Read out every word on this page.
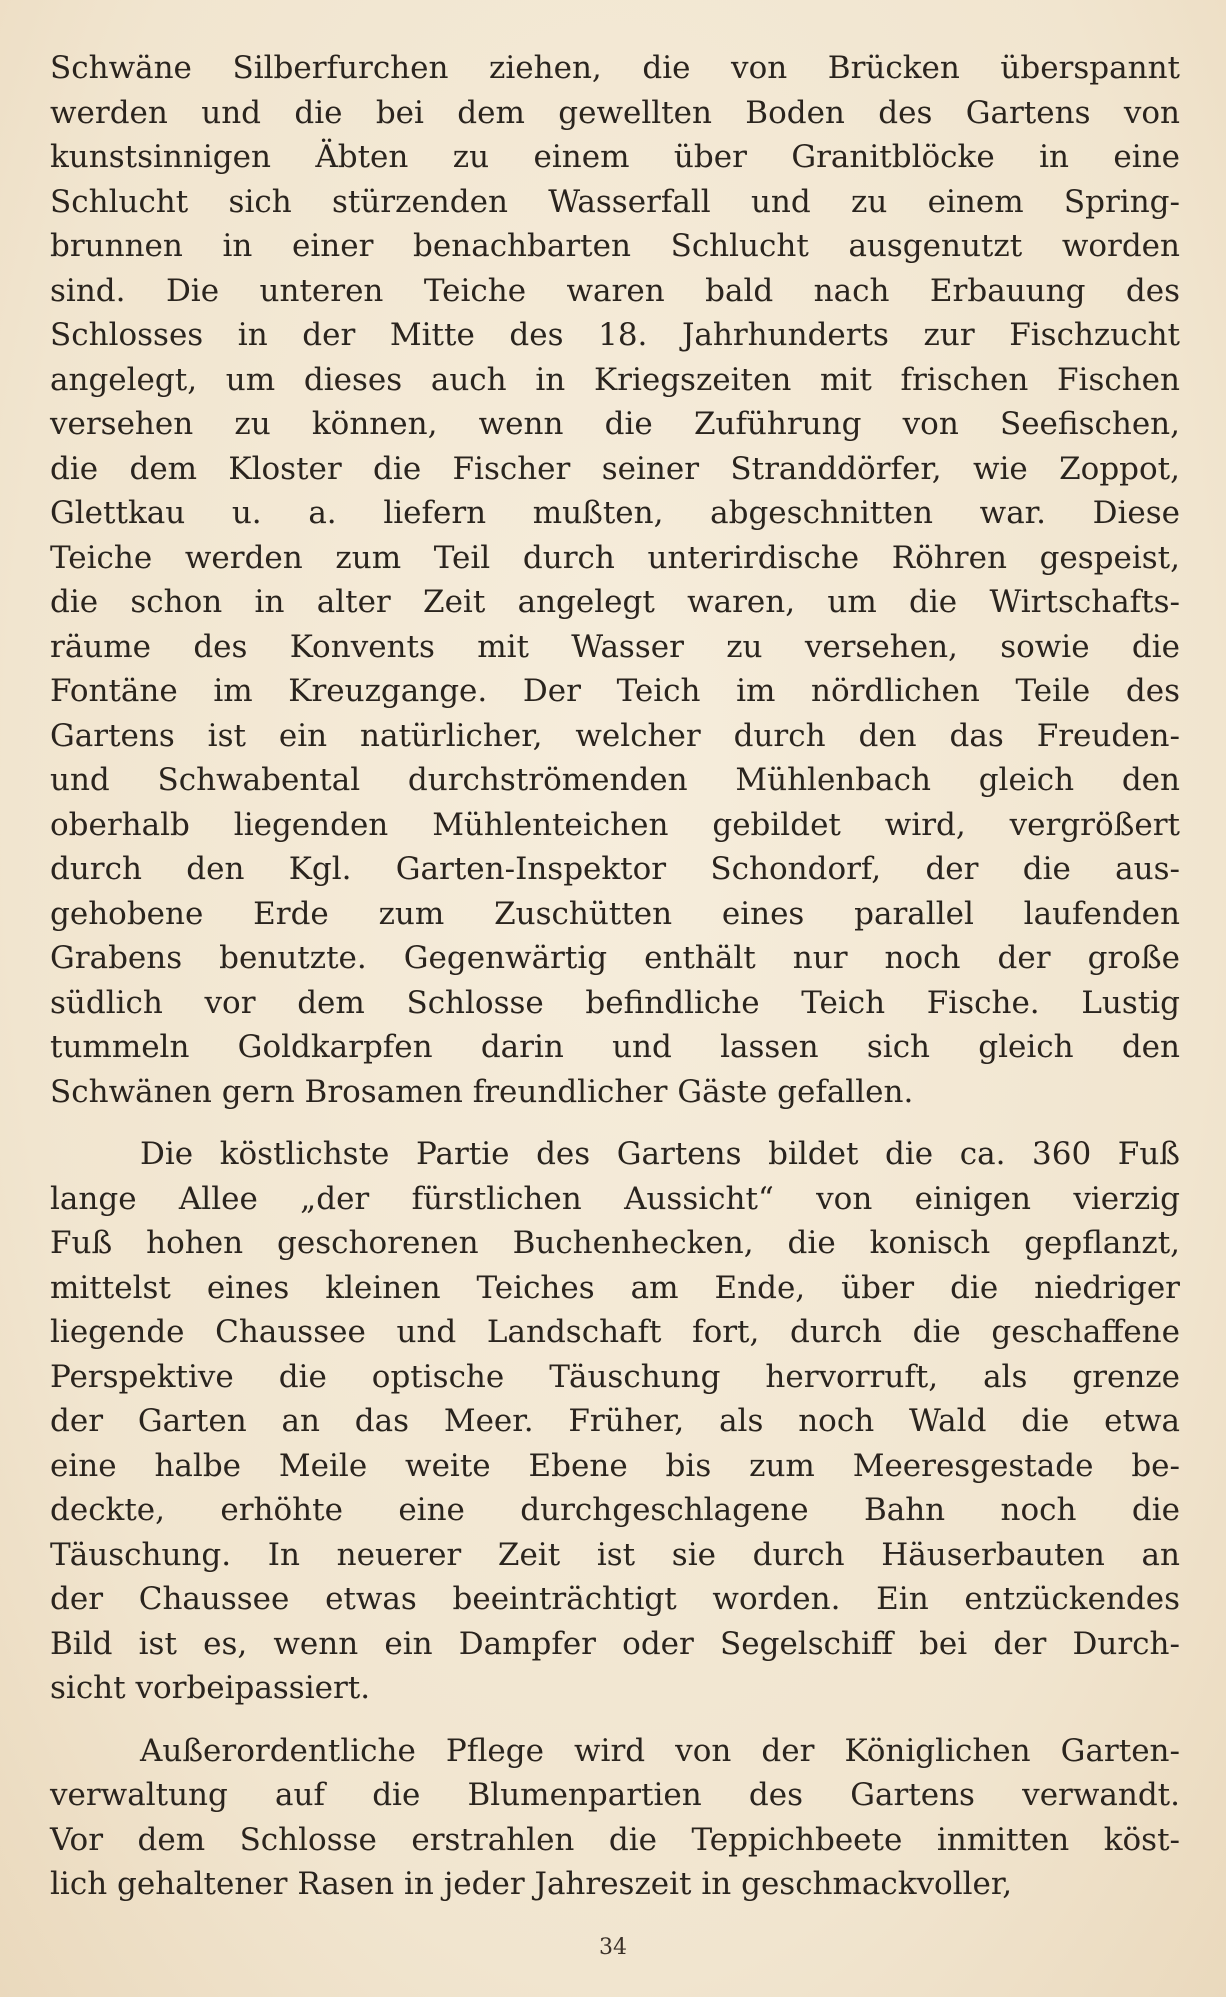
Schwäne Silberfurchen ziehen, die von Brücken überspannt
werden und die bei dem gewellten Boden des Gartens von
kunstsinnigen Äbten zu einem über Granitblöcke in eine
Schlucht sich stürzenden Wasserfall und zu einem Spring-
brunnen in einer benachbarten Schlucht ausgenutzt worden
sind. Die unteren Teiche waren bald nach Erbauung des
Schlosses in der Mitte des 18. Jahrhunderts zur Fischzucht
angelegt, um dieses auch in Kriegszeiten mit frischen Fischen
versehen zu können, wenn die Zuführung von Seefischen,
die dem Kloster die Fischer seiner Stranddörfer, wie Zoppot,
Glettkau u. a. liefern mußten, abgeschnitten war. Diese
Teiche werden zum Teil durch unterirdische Röhren gespeist,
die schon in alter Zeit angelegt waren, um die Wirtschafts-
räume des Konvents mit Wasser zu versehen, sowie die
Fontäne im Kreuzgange. Der Teich im nördlichen Teile des
Gartens ist ein natürlicher, welcher durch den das Freuden-
und Schwabental durchströmenden Mühlenbach gleich den
oberhalb liegenden Mühlenteichen gebildet wird, vergrößert
durch den Kgl. Garten-Inspektor Schondorf, der die aus-
gehobene Erde zum Zuschütten eines parallel laufenden
Grabens benutzte. Gegenwärtig enthält nur noch der große
südlich vor dem Schlosse befindliche Teich Fische. Lustig
tummeln Goldkarpfen darin und lassen sich gleich den
Schwänen gern Brosamen freundlicher Gäste gefallen.

Die köstlichste Partie des Gartens bildet die ca. 360 Fuß
lange Allee „der fürstlichen Aussicht“ von einigen vierzig
Fuß hohen geschorenen Buchenhecken, die konisch gepflanzt,
mittelst eines kleinen Teiches am Ende, über die niedriger
liegende Chaussee und Landschaft fort, durch die geschaffene
Perspektive die optische Täuschung hervorruft, als grenze
der Garten an das Meer. Früher, als noch Wald die etwa
eine halbe Meile weite Ebene bis zum Meeresgestade be-
deckte, erhöhte eine durchgeschlagene Bahn noch die
Täuschung. In neuerer Zeit ist sie durch Häuserbauten an
der Chaussee etwas beeinträchtigt worden. Ein entzückendes
Bild ist es, wenn ein Dampfer oder Segelschiff bei der Durch-
sicht vorbeipassiert.

Außerordentliche Pflege wird von der Königlichen Garten-
verwaltung auf die Blumenpartien des Gartens verwandt.
Vor dem Schlosse erstrahlen die Teppichbeete inmitten köst-
lich gehaltener Rasen in jeder Jahreszeit in geschmackvoller,

34
